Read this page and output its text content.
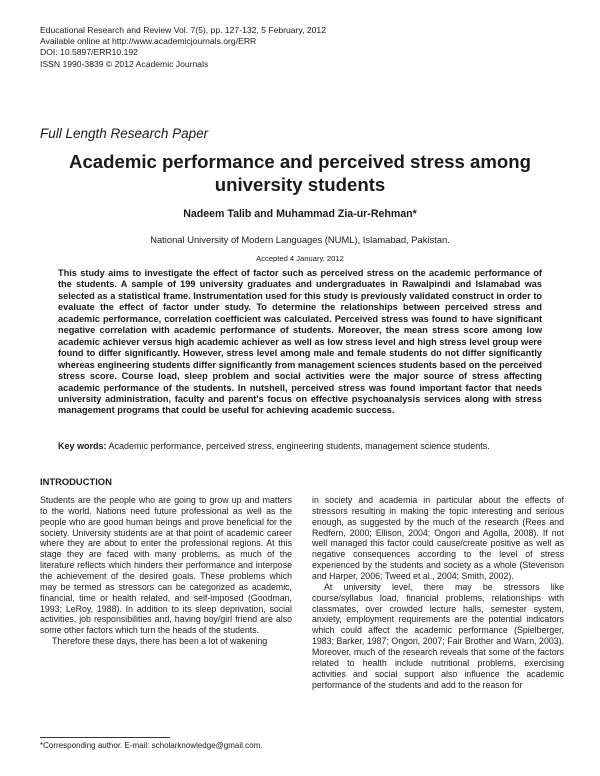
Educational Research and Review Vol. 7(5), pp. 127-132, 5 February, 2012
Available online at http://www.academicjournals.org/ERR
DOI: 10.5897/ERR10.192
ISSN 1990-3839 © 2012 Academic Journals
Full Length Research Paper
Academic performance and perceived stress among university students
Nadeem Talib and Muhammad Zia-ur-Rehman*
National University of Modern Languages (NUML), Islamabad, Pakistan.
Accepted 4 January, 2012
This study aims to investigate the effect of factor such as perceived stress on the academic performance of the students. A sample of 199 university graduates and undergraduates in Rawalpindi and Islamabad was selected as a statistical frame. Instrumentation used for this study is previously validated construct in order to evaluate the effect of factor under study. To determine the relationships between perceived stress and academic performance, correlation coefficient was calculated. Perceived stress was found to have significant negative correlation with academic performance of students. Moreover, the mean stress score among low academic achiever versus high academic achiever as well as low stress level and high stress level group were found to differ significantly. However, stress level among male and female students do not differ significantly whereas engineering students differ significantly from management sciences students based on the perceived stress score. Course load, sleep problem and social activities were the major source of stress affecting academic performance of the students. In nutshell, perceived stress was found important factor that needs university administration, faculty and parent's focus on effective psychoanalysis services along with stress management programs that could be useful for achieving academic success.
Key words: Academic performance, perceived stress, engineering students, management science students.
INTRODUCTION

Students are the people who are going to grow up and matters to the world. Nations need future professional as well as the people who are good human beings and prove beneficial for the society. University students are at that point of academic career where they are about to enter the professional regions. At this stage they are faced with many problems, as much of the literature reflects which hinders their performance and interpose the achievement of the desired goals. These problems which may be termed as stressors can be categorized as academic, financial, time or health related, and self-imposed (Goodman, 1993; LeRoy, 1988). In addition to its sleep deprivation, social activities, job responsibilities and, having boy/girl friend are also some other factors which turn the heads of the students.

Therefore these days, there has been a lot of wakening

in society and academia in particular about the effects of stressors resulting in making the topic interesting and serious enough, as suggested by the much of the research (Rees and Redfern, 2000; Ellison, 2004; Ongori and Agolla, 2008). If not well managed this factor could cause/create positive as well as negative consequences according to the level of stress experienced by the students and society as a whole (Stevenson and Harper, 2006; Tweed et al., 2004; Smith, 2002).

At university level, there may be stressors like course/syllabus load, financial problems, relationships with classmates, over crowded lecture halls, semester system, anxiety, employment requirements are the potential indicators which could affect the academic performance (Spielberger, 1983; Barker, 1987; Ongori, 2007; Fair Brother and Warn, 2003). Moreover, much of the research reveals that some of the factors related to health include nutritional problems, exercising activities and social support also influence the academic performance of the students and add to the reason for

*Corresponding author. E-mail: scholarknowledge@gmail.com.
